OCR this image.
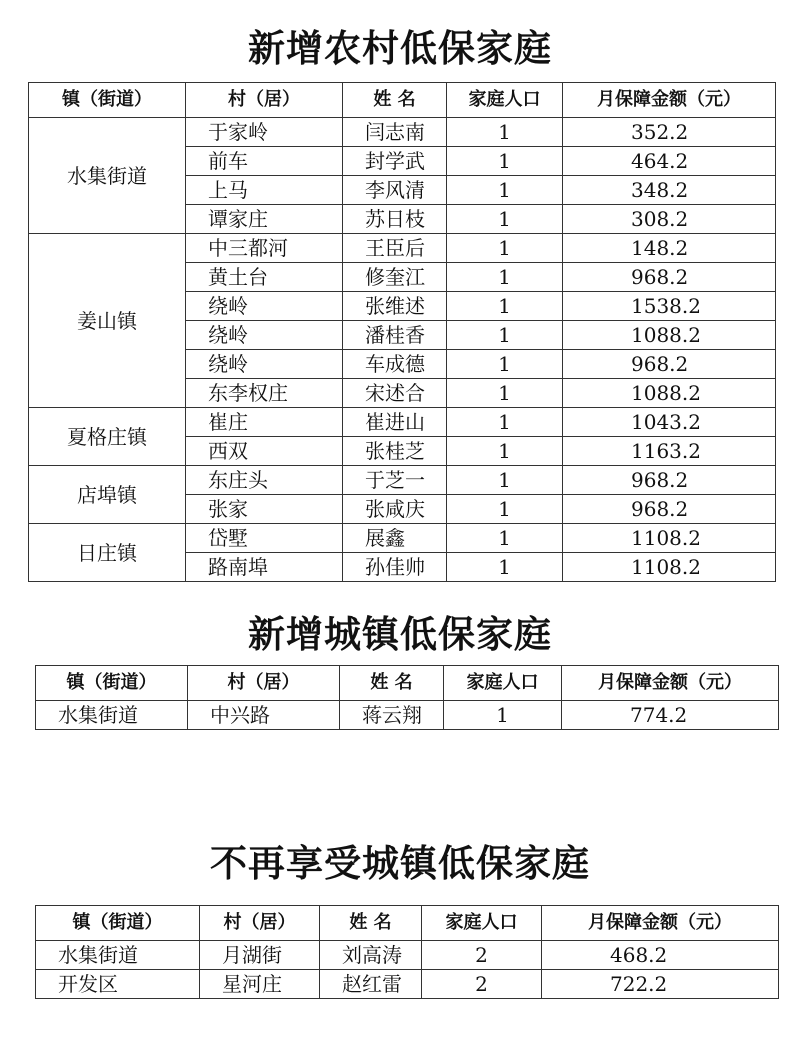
新增农村低保家庭
镇（街道）	村（居）	姓 名	家庭人口	月保障金额（元）
水集街道	于家岭	闫志南	1	352.2
	前车	封学武	1	464.2
	上马	李风清	1	348.2
	谭家庄	苏日枝	1	308.2
姜山镇	中三都河	王臣后	1	148.2
	黄土台	修奎江	1	968.2
	绕岭	张维述	1	1538.2
	绕岭	潘桂香	1	1088.2
	绕岭	车成德	1	968.2
	东李权庄	宋述合	1	1088.2
夏格庄镇	崔庄	崔进山	1	1043.2
	西双	张桂芝	1	1163.2
店埠镇	东庄头	于芝一	1	968.2
	张家	张咸庆	1	968.2
日庄镇	岱墅	展鑫	1	1108.2
	路南埠	孙佳帅	1	1108.2
新增城镇低保家庭
镇（街道）	村（居）	姓 名	家庭人口	月保障金额（元）
水集街道	中兴路	蒋云翔	1	774.2
不再享受城镇低保家庭
镇（街道）	村（居）	姓 名	家庭人口	月保障金额（元）
水集街道	月湖街	刘高涛	2	468.2
开发区	星河庄	赵红雷	2	722.2
